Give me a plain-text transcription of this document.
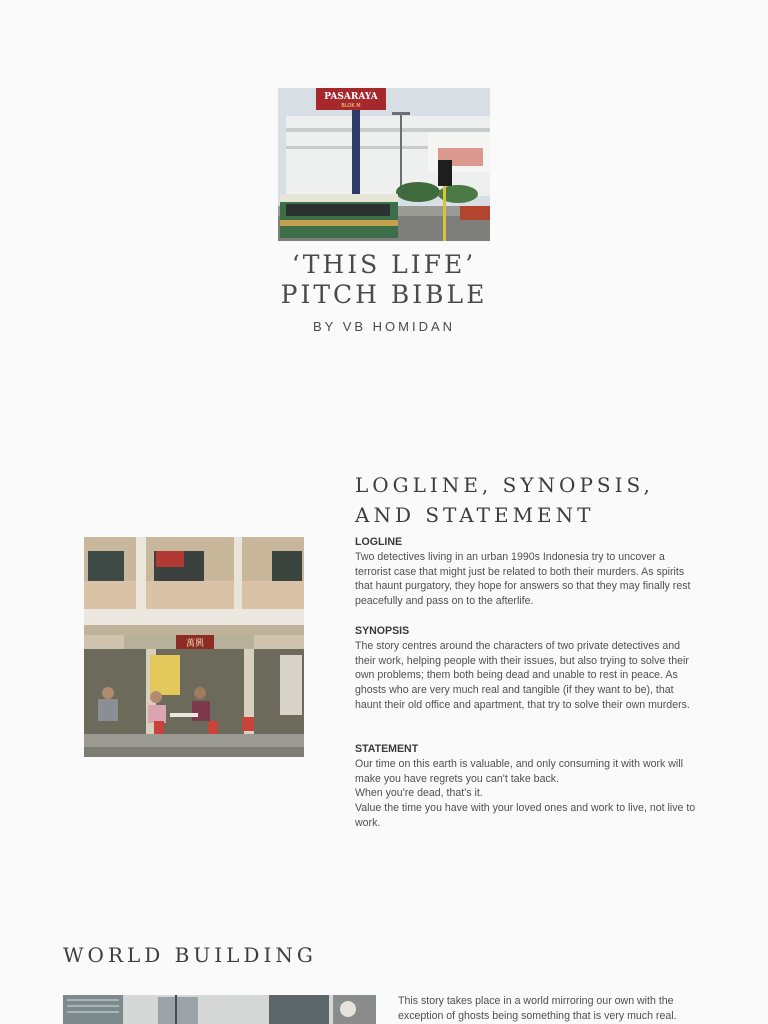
PASARAYA
BLOK M
‘THIS LIFE’
PITCH BIBLE
BY VB HOMIDAN
萬興
LOGLINE, SYNOPSIS,
AND STATEMENT
LOGLINE

Two detectives living in an urban 1990s Indonesia try to uncover a terrorist case that might just be related to both their murders. As spirits that haunt purgatory, they hope for answers so that they may finally rest peacefully and pass on to the afterlife.

SYNOPSIS

The story centres around the characters of two private detectives and their work, helping people with their issues, but also trying to solve their own problems; them both being dead and unable to rest in peace. As ghosts who are very much real and tangible (if they want to be), that haunt their old office and apartment, that try to solve their own murders.

STATEMENT

Our time on this earth is valuable, and only consuming it with work will make you have regrets you can't take back.

When you're dead, that's it.

Value the time you have with your loved ones and work to live, not live to work.

WORLD BUILDING

This story takes place in a world mirroring our own with the exception of ghosts being something that is very much real.
